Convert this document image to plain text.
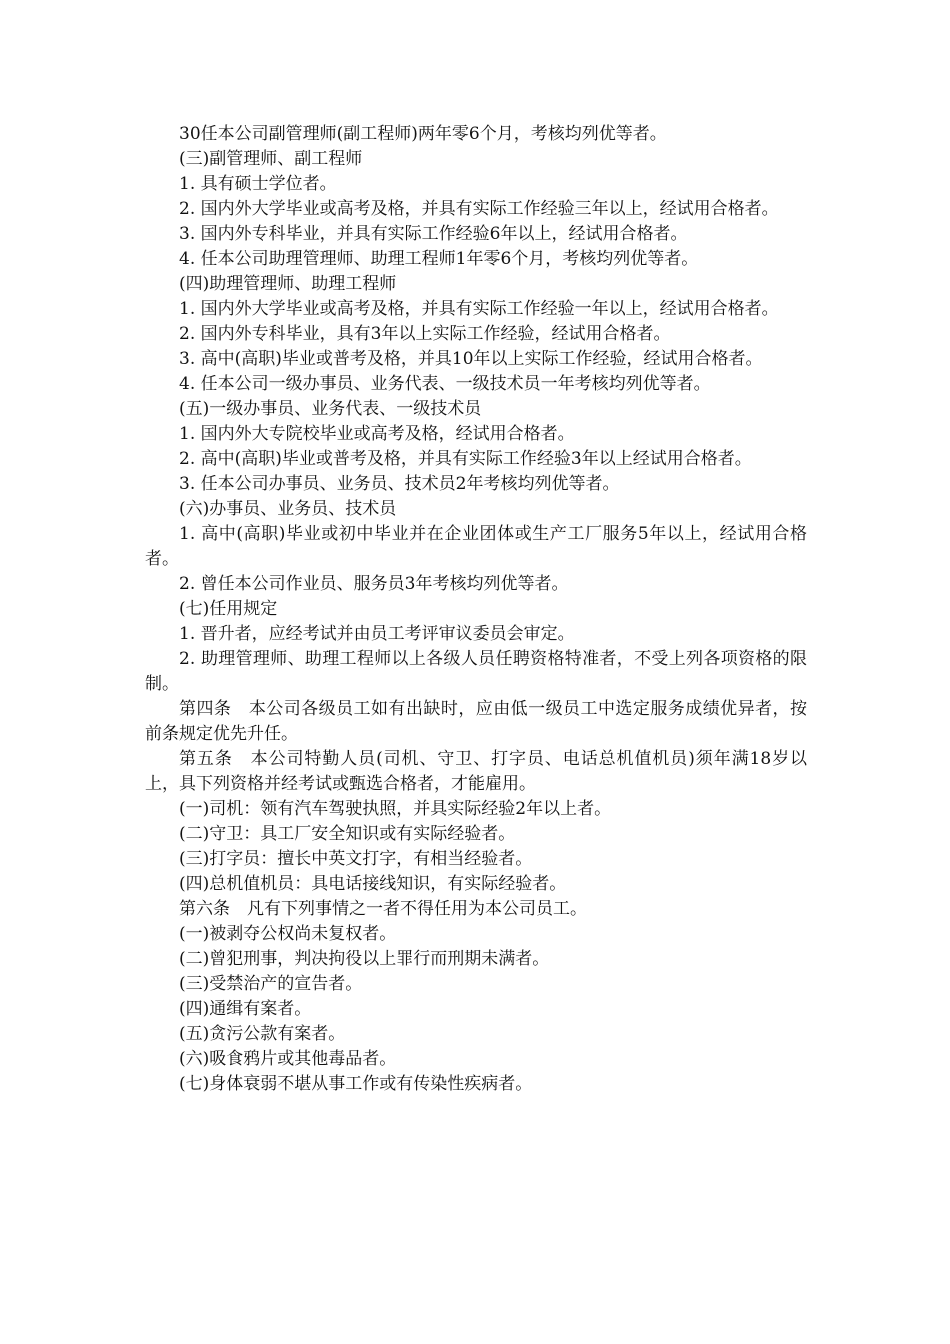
30任本公司副管理师(副工程师)两年零6个月，考核均列优等者。

(三)副管理师、副工程师

1. 具有硕士学位者。

2. 国内外大学毕业或高考及格，并具有实际工作经验三年以上，经试用合格者。

3. 国内外专科毕业，并具有实际工作经验6年以上，经试用合格者。

4. 任本公司助理管理师、助理工程师1年零6个月，考核均列优等者。

(四)助理管理师、助理工程师

1. 国内外大学毕业或高考及格，并具有实际工作经验一年以上，经试用合格者。

2. 国内外专科毕业，具有3年以上实际工作经验，经试用合格者。

3. 高中(高职)毕业或普考及格，并具10年以上实际工作经验，经试用合格者。

4. 任本公司一级办事员、业务代表、一级技术员一年考核均列优等者。

(五)一级办事员、业务代表、一级技术员

1. 国内外大专院校毕业或高考及格，经试用合格者。

2. 高中(高职)毕业或普考及格，并具有实际工作经验3年以上经试用合格者。

3. 任本公司办事员、业务员、技术员2年考核均列优等者。

(六)办事员、业务员、技术员

1. 高中(高职)毕业或初中毕业并在企业团体或生产工厂服务5年以上，经试用合格者。

2. 曾任本公司作业员、服务员3年考核均列优等者。

(七)任用规定

1. 晋升者，应经考试并由员工考评审议委员会审定。

2. 助理管理师、助理工程师以上各级人员任聘资格特准者，不受上列各项资格的限制。

第四条　本公司各级员工如有出缺时，应由低一级员工中选定服务成绩优异者，按前条规定优先升任。

第五条　本公司特勤人员(司机、守卫、打字员、电话总机值机员)须年满18岁以上，具下列资格并经考试或甄选合格者，才能雇用。

(一)司机：领有汽车驾驶执照，并具实际经验2年以上者。

(二)守卫：具工厂安全知识或有实际经验者。

(三)打字员：擅长中英文打字，有相当经验者。

(四)总机值机员：具电话接线知识，有实际经验者。

第六条　凡有下列事情之一者不得任用为本公司员工。

(一)被剥夺公权尚未复权者。

(二)曾犯刑事，判决拘役以上罪行而刑期未满者。

(三)受禁治产的宣告者。

(四)通缉有案者。

(五)贪污公款有案者。

(六)吸食鸦片或其他毒品者。

(七)身体衰弱不堪从事工作或有传染性疾病者。
